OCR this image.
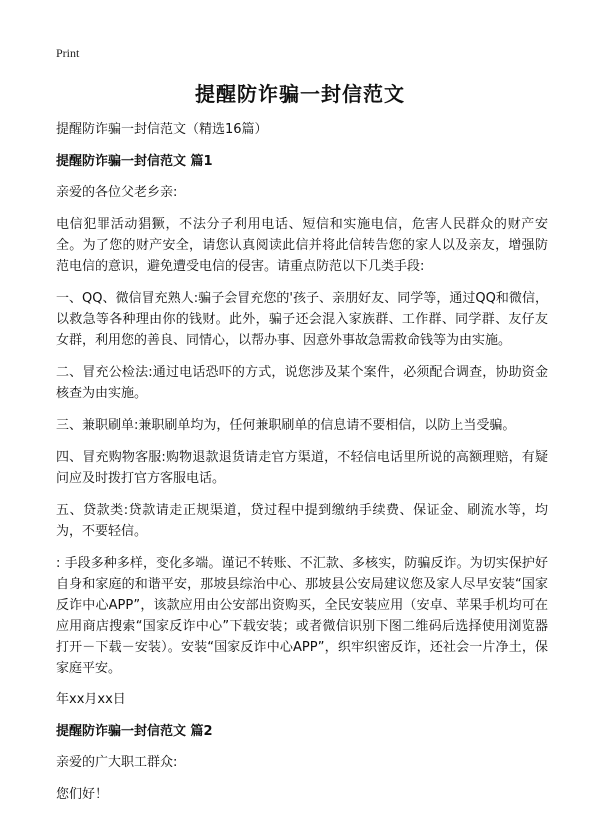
Print
提醒防诈骗一封信范文
提醒防诈骗一封信范文（精选16篇）
提醒防诈骗一封信范文 篇1
亲爱的各位父老乡亲:
电信犯罪活动猖獗，不法分子利用电话、短信和实施电信，危害人民群众的财产安全。为了您的财产安全，请您认真阅读此信并将此信转告您的家人以及亲友，增强防范电信的意识，避免遭受电信的侵害。请重点防范以下几类手段:
一、QQ、微信冒充熟人:骗子会冒充您的'孩子、亲朋好友、同学等，通过QQ和微信，以救急等各种理由你的钱财。此外，骗子还会混入家族群、工作群、同学群、友仔友女群，利用您的善良、同情心，以帮办事、因意外事故急需救命钱等为由实施。
二、冒充公检法:通过电话恐吓的方式，说您涉及某个案件，必须配合调查，协助资金核查为由实施。
三、兼职刷单:兼职刷单均为，任何兼职刷单的信息请不要相信，以防上当受骗。
四、冒充购物客服:购物退款退货请走官方渠道，不轻信电话里所说的高额理赔，有疑问应及时拨打官方客服电话。
五、贷款类:贷款请走正规渠道，贷过程中提到缴纳手续费、保证金、刷流水等，均为，不要轻信。
: 手段多种多样，变化多端。谨记不转账、不汇款、多核实，防骗反诈。为切实保护好自身和家庭的和谐平安，那坡县综治中心、那坡县公安局建议您及家人尽早安装“国家反诈中心APP”，该款应用由公安部出资购买，全民安装应用（安卓、苹果手机均可在应用商店搜索“国家反诈中心”下载安装；或者微信识别下图二维码后选择使用浏览器打开－下载－安装）。安装“国家反诈中心APP”，织牢织密反诈，还社会一片净土，保家庭平安。
年xx月xx日
提醒防诈骗一封信范文 篇2
亲爱的广大职工群众:
您们好！
